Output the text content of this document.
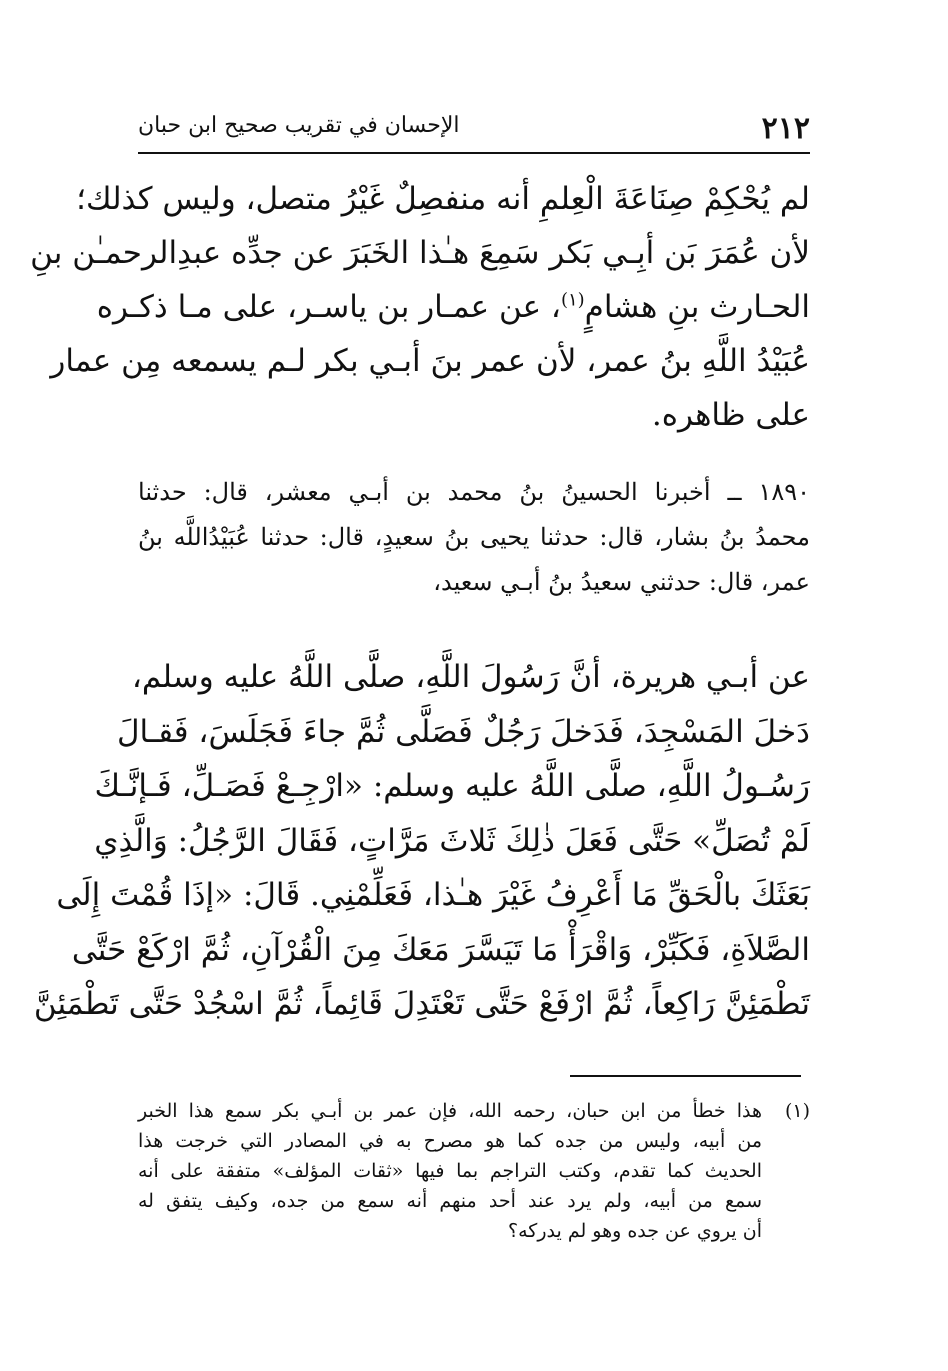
٢١٢
الإحسان في تقريب صحيح ابن حبان
لم يُحْكِمْ صِنَاعَةَ الْعِلمِ أنه منفصِلٌ غَيْرُ متصل، وليس كذلك؛
لأن عُمَرَ بَن أبِـي بَكر سَمِعَ هـٰذا الخَبَرَ عن جدِّه عبدِالرحمـٰن بنِ
الحـارث بنِ هشامٍ$^{(١)}$، عن عمـار بن ياسـر، على مـا ذكـره
عُبَيْدُ اللَّهِ بنُ عمر، لأن عمر بنَ أبـي بكر لـم يسمعه مِن عمار
على ظاهره.
١٨٩٠ ــ أخبرنا الحسينُ بنُ محمد بن أبـي معشر، قال: حدثنا
محمدُ بنُ بشار، قال: حدثنا يحيى بنُ سعيدٍ، قال: حدثنا عُبَيْدُاللَّه بنُ
عمر، قال: حدثني سعيدُ بنُ أبـي سعيد،
عن أبـي هريرة، أنَّ رَسُولَ اللَّهِ، صلَّى اللَّهُ عليه وسلم،
دَخلَ المَسْجِدَ، فَدَخلَ رَجُلٌ فَصَلَّى ثُمَّ جاءَ فَجَلَسَ، فَقـالَ
رَسُـولُ اللَّهِ، صلَّى اللَّهُ عليه وسلم: «ارْجِـعْ فَصَـلِّ، فَـإنَّـكَ
لَمْ تُصَلِّ» حَتَّى فَعَلَ ذٰلِكَ ثَلاثَ مَرَّاتٍ، فَقَالَ الرَّجُلُ: وَالَّذِي
بَعَثَكَ بالْحَقِّ مَا أَعْرِفُ غَيْرَ هـٰذا، فَعَلِّمْنِي. قَالَ: «إذَا قُمْتَ إِلَى
الصَّلاَةِ، فَكَبِّرْ، وَاقْرَأْ مَا تَيَسَّرَ مَعَكَ مِنَ الْقُرْآنِ، ثُمَّ ارْكَعْ حَتَّى
تَطْمَئِنَّ رَاكِعاً، ثُمَّ ارْفَعْ حَتَّى تَعْتَدِلَ قَائِماً، ثُمَّ اسْجُدْ حَتَّى تَطْمَئِنَّ
(١)
هذا خطأ من ابن حبان، رحمه الله، فإن عمر بن أبـي بكر سمع هذا الخبر
من أبيه، وليس من جده كما هو مصرح به في المصادر التي خرجت هذا
الحديث كما تقدم، وكتب التراجم بما فيها «ثقات المؤلف» متفقة على أنه
سمع من أبيه، ولم يرد عند أحد منهم أنه سمع من جده، وكيف يتفق له
أن يروي عن جده وهو لم يدركه؟
